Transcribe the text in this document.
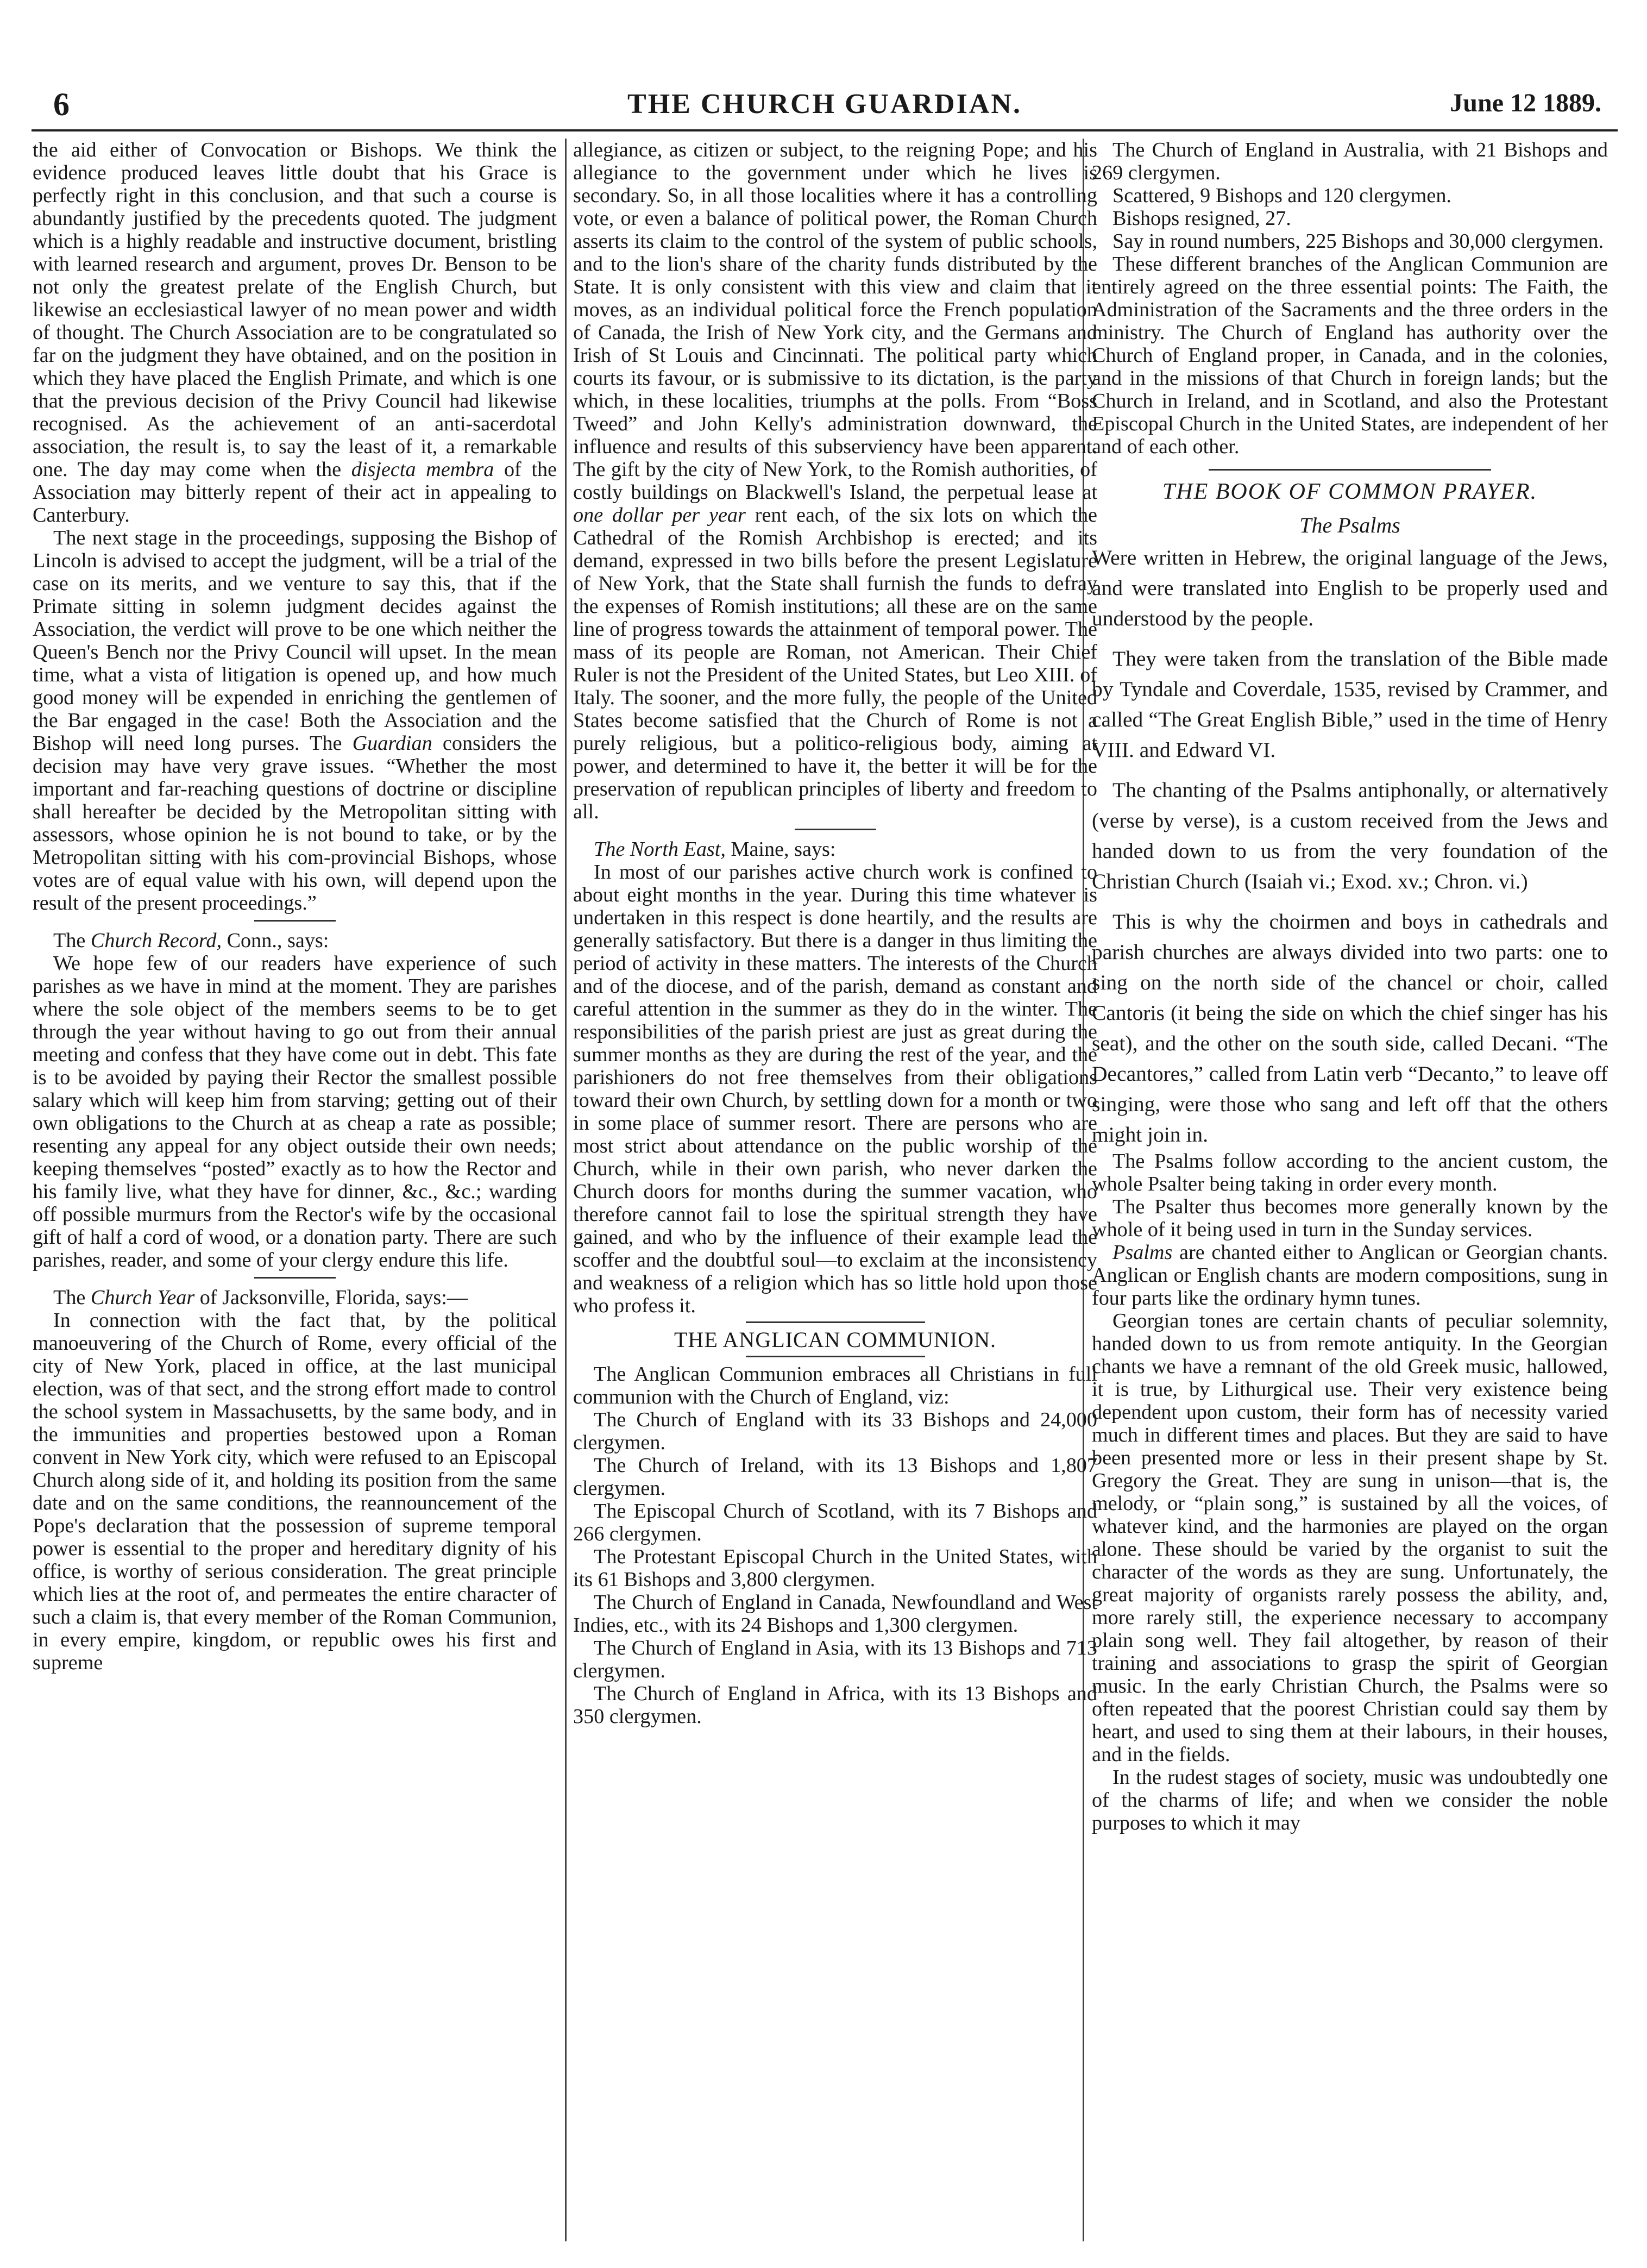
6	THE CHURCH GUARDIAN.	June 12 1889.

the aid either of Convocation or Bishops. We think the evidence produced leaves little doubt that his Grace is perfectly right in this conclusion, and that such a course is abundantly justified by the precedents quoted. The judgment which is a highly readable and instructive document, bristling with learned research and argument, proves Dr. Benson to be not only the greatest prelate of the English Church, but likewise an ecclesiastical lawyer of no mean power and width of thought. The Church Association are to be congratulated so far on the judgment they have obtained, and on the position in which they have placed the English Primate, and which is one that the previous decision of the Privy Council had likewise recognised. As the achievement of an anti-sacerdotal association, the result is, to say the least of it, a remarkable one. The day may come when the disjecta membra of the Association may bitterly repent of their act in appealing to Canterbury.

The next stage in the proceedings, supposing the Bishop of Lincoln is advised to accept the judgment, will be a trial of the case on its merits, and we venture to say this, that if the Primate sitting in solemn judgment decides against the Association, the verdict will prove to be one which neither the Queen's Bench nor the Privy Council will upset. In the mean time, what a vista of litigation is opened up, and how much good money will be expended in enriching the gentlemen of the Bar engaged in the case! Both the Association and the Bishop will need long purses. The Guardian considers the decision may have very grave issues. “Whether the most important and far-reaching questions of doctrine or discipline shall hereafter be decided by the Metropolitan sitting with assessors, whose opinion he is not bound to take, or by the Metropolitan sitting with his com-provincial Bishops, whose votes are of equal value with his own, will depend upon the result of the present proceedings.”

The Church Record, Conn., says:

We hope few of our readers have experience of such parishes as we have in mind at the moment. They are parishes where the sole object of the members seems to be to get through the year without having to go out from their annual meeting and confess that they have come out in debt. This fate is to be avoided by paying their Rector the smallest possible salary which will keep him from starving; getting out of their own obligations to the Church at as cheap a rate as possible; resenting any appeal for any object outside their own needs; keeping themselves “posted” exactly as to how the Rector and his family live, what they have for dinner, &c., &c.; warding off possible murmurs from the Rector's wife by the occasional gift of half a cord of wood, or a donation party. There are such parishes, reader, and some of your clergy endure this life.

The Church Year of Jacksonville, Florida, says:—

In connection with the fact that, by the political manoeuvering of the Church of Rome, every official of the city of New York, placed in office, at the last municipal election, was of that sect, and the strong effort made to control the school system in Massachusetts, by the same body, and in the immunities and properties bestowed upon a Roman convent in New York city, which were refused to an Episcopal Church along side of it, and holding its position from the same date and on the same conditions, the reannouncement of the Pope's declaration that the possession of supreme temporal power is essential to the proper and hereditary dignity of his office, is worthy of serious consideration. The great principle which lies at the root of, and permeates the entire character of such a claim is, that every member of the Roman Communion, in every empire, kingdom, or republic owes his first and supreme

allegiance, as citizen or subject, to the reigning Pope; and his allegiance to the government under which he lives is secondary. So, in all those localities where it has a controlling vote, or even a balance of political power, the Roman Church asserts its claim to the control of the system of public schools, and to the lion's share of the charity funds distributed by the State. It is only consistent with this view and claim that it moves, as an individual political force the French population of Canada, the Irish of New York city, and the Germans and Irish of St Louis and Cincinnati. The political party which courts its favour, or is submissive to its dictation, is the party which, in these localities, triumphs at the polls. From “Boss Tweed” and John Kelly's administration downward, the influence and results of this subserviency have been apparent. The gift by the city of New York, to the Romish authorities, of costly buildings on Blackwell's Island, the perpetual lease at one dollar per year rent each, of the six lots on which the Cathedral of the Romish Archbishop is erected; and its demand, expressed in two bills before the present Legislature of New York, that the State shall furnish the funds to defray the expenses of Romish institutions; all these are on the same line of progress towards the attainment of temporal power. The mass of its people are Roman, not American. Their Chief Ruler is not the President of the United States, but Leo XIII. of Italy. The sooner, and the more fully, the people of the United States become satisfied that the Church of Rome is not a purely religious, but a politico-religious body, aiming at power, and determined to have it, the better it will be for the preservation of republican principles of liberty and freedom to all.

The North East, Maine, says:

In most of our parishes active church work is confined to about eight months in the year. During this time whatever is undertaken in this respect is done heartily, and the results are generally satisfactory. But there is a danger in thus limiting the period of activity in these matters. The interests of the Church and of the diocese, and of the parish, demand as constant and careful attention in the summer as they do in the winter. The responsibilities of the parish priest are just as great during the summer months as they are during the rest of the year, and the parishioners do not free themselves from their obligations toward their own Church, by settling down for a month or two in some place of summer resort. There are persons who are most strict about attendance on the public worship of the Church, while in their own parish, who never darken the Church doors for months during the summer vacation, who therefore cannot fail to lose the spiritual strength they have gained, and who by the influence of their example lead the scoffer and the doubtful soul—to exclaim at the inconsistency and weakness of a religion which has so little hold upon those who profess it.

THE ANGLICAN COMMUNION.

The Anglican Communion embraces all Christians in full communion with the Church of England, viz:

The Church of England with its 33 Bishops and 24,000 clergymen.

The Church of Ireland, with its 13 Bishops and 1,807 clergymen.

The Episcopal Church of Scotland, with its 7 Bishops and 266 clergymen.

The Protestant Episcopal Church in the United States, with its 61 Bishops and 3,800 clergymen.

The Church of England in Canada, Newfoundland and West Indies, etc., with its 24 Bishops and 1,300 clergymen.

The Church of England in Asia, with its 13 Bishops and 713 clergymen.

The Church of England in Africa, with its 13 Bishops and 350 clergymen.

The Church of England in Australia, with 21 Bishops and 269 clergymen.

Scattered, 9 Bishops and 120 clergymen.

Bishops resigned, 27.

Say in round numbers, 225 Bishops and 30,000 clergymen.

These different branches of the Anglican Communion are entirely agreed on the three essential points: The Faith, the Administration of the Sacraments and the three orders in the ministry. The Church of England has authority over the Church of England proper, in Canada, and in the colonies, and in the missions of that Church in foreign lands; but the Church in Ireland, and in Scotland, and also the Protestant Episcopal Church in the United States, are independent of her and of each other.

THE BOOK OF COMMON PRAYER.
The Psalms

Were written in Hebrew, the original language of the Jews, and were translated into English to be properly used and understood by the people.

They were taken from the translation of the Bible made by Tyndale and Coverdale, 1535, revised by Crammer, and called “The Great English Bible,” used in the time of Henry VIII. and Edward VI.

The chanting of the Psalms antiphonally, or alternatively (verse by verse), is a custom received from the Jews and handed down to us from the very foundation of the Christian Church (Isaiah vi.; Exod. xv.; Chron. vi.)

This is why the choirmen and boys in cathedrals and parish churches are always divided into two parts: one to sing on the north side of the chancel or choir, called Cantoris (it being the side on which the chief singer has his seat), and the other on the south side, called Decani. “The Decantores,” called from Latin verb “Decanto,” to leave off singing, were those who sang and left off that the others might join in.

The Psalms follow according to the ancient custom, the whole Psalter being taking in order every month.

The Psalter thus becomes more generally known by the whole of it being used in turn in the Sunday services.

Psalms are chanted either to Anglican or Georgian chants. Anglican or English chants are modern compositions, sung in four parts like the ordinary hymn tunes.

Georgian tones are certain chants of peculiar solemnity, handed down to us from remote antiquity. In the Georgian chants we have a remnant of the old Greek music, hallowed, it is true, by Lithurgical use. Their very existence being dependent upon custom, their form has of necessity varied much in different times and places. But they are said to have been presented more or less in their present shape by St. Gregory the Great. They are sung in unison—that is, the melody, or “plain song,” is sustained by all the voices, of whatever kind, and the harmonies are played on the organ alone. These should be varied by the organist to suit the character of the words as they are sung. Unfortunately, the great majority of organists rarely possess the ability, and, more rarely still, the experience necessary to accompany plain song well. They fail altogether, by reason of their training and associations to grasp the spirit of Georgian music. In the early Christian Church, the Psalms were so often repeated that the poorest Christian could say them by heart, and used to sing them at their labours, in their houses, and in the fields.

In the rudest stages of society, music was undoubtedly one of the charms of life; and when we consider the noble purposes to which it may
